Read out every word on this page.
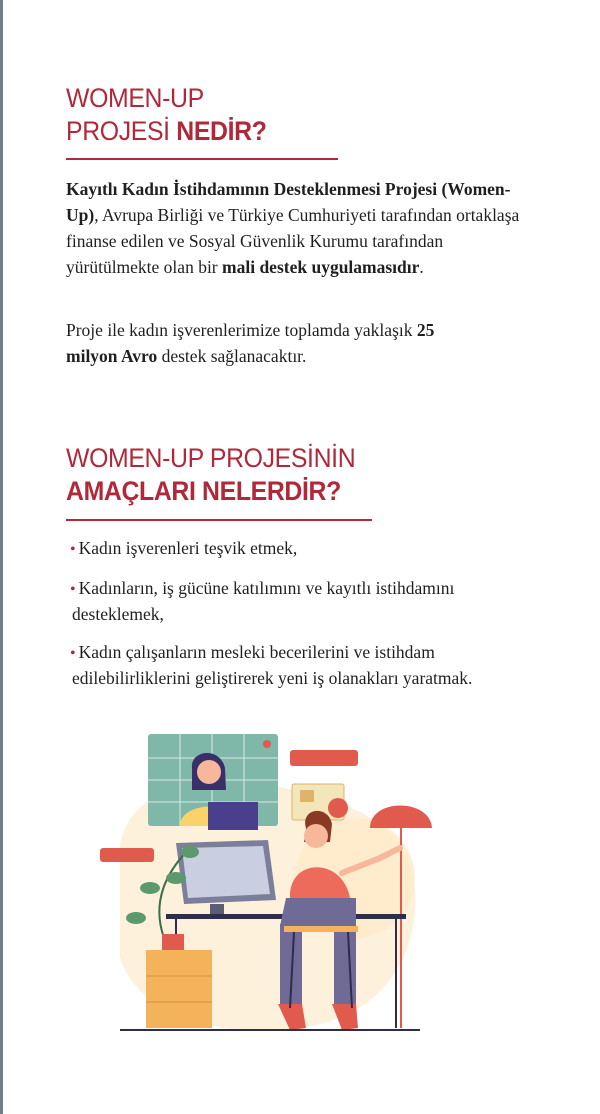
WOMEN-UP
PROJESİ NEDİR?

Kayıtlı Kadın İstihdamının Desteklenmesi Projesi (Women-Up), Avrupa Birliği ve Türkiye Cumhuriyeti tarafından ortaklaşa finanse edilen ve Sosyal Güvenlik Kurumu tarafından yürütülmekte olan bir mali destek uygulamasıdır.

Proje ile kadın işverenlerimize toplamda yaklaşık 25 milyon Avro destek sağlanacaktır.

WOMEN-UP PROJESİNİN
AMAÇLARI NELERDİR?
• Kadın işverenleri teşvik etmek,
• Kadınların, iş gücüne katılımını ve kayıtlı istihdamını desteklemek,
• Kadın çalışanların mesleki becerilerini ve istihdam edilebilirliklerini geliştirerek yeni iş olanakları yaratmak.
